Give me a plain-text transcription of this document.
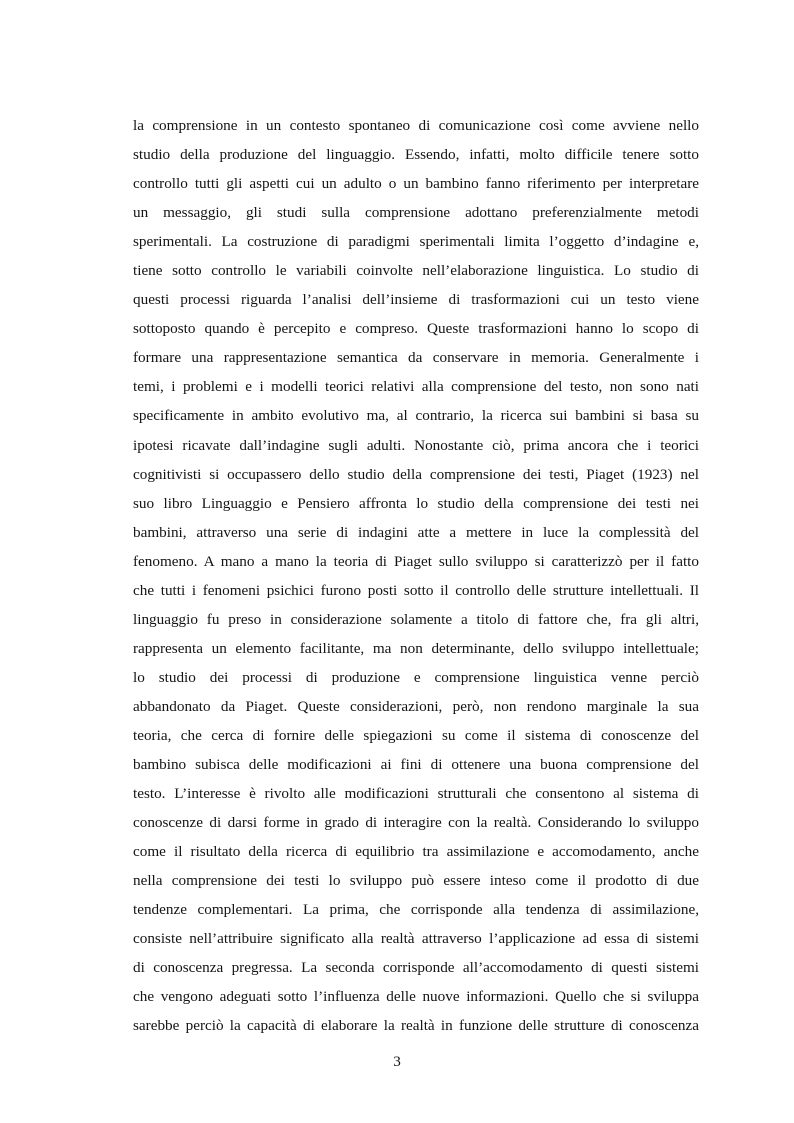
la comprensione in un contesto spontaneo di comunicazione così come avviene nello
studio della produzione del linguaggio. Essendo, infatti, molto difficile tenere sotto
controllo tutti gli aspetti cui un adulto o un bambino fanno riferimento per interpretare
un messaggio, gli studi sulla comprensione adottano preferenzialmente metodi
sperimentali. La costruzione di paradigmi sperimentali limita l’oggetto d’indagine e,
tiene sotto controllo le variabili coinvolte nell’elaborazione linguistica. Lo studio di
questi processi riguarda l’analisi dell’insieme di trasformazioni cui un testo viene
sottoposto quando è percepito e compreso. Queste trasformazioni hanno lo scopo di
formare una rappresentazione semantica da conservare in memoria. Generalmente i
temi, i problemi e i modelli teorici relativi alla comprensione del testo, non sono nati
specificamente in ambito evolutivo ma, al contrario, la ricerca sui bambini si basa su
ipotesi ricavate dall’indagine sugli adulti. Nonostante ciò, prima ancora che i teorici
cognitivisti si occupassero dello studio della comprensione dei testi, Piaget (1923) nel
suo libro Linguaggio e Pensiero affronta lo studio della comprensione dei testi nei
bambini, attraverso una serie di indagini atte a mettere in luce la complessità del
fenomeno. A mano a mano la teoria di Piaget sullo sviluppo si caratterizzò per il fatto
che tutti i fenomeni psichici furono posti sotto il controllo delle strutture intellettuali. Il
linguaggio fu preso in considerazione solamente a titolo di fattore che, fra gli altri,
rappresenta un elemento facilitante, ma non determinante, dello sviluppo intellettuale;
lo studio dei processi di produzione e comprensione linguistica venne perciò
abbandonato da Piaget. Queste considerazioni, però, non rendono marginale la sua
teoria, che cerca di fornire delle spiegazioni su come il sistema di conoscenze del
bambino subisca delle modificazioni ai fini di ottenere una buona comprensione del
testo. L’interesse è rivolto alle modificazioni strutturali che consentono al sistema di
conoscenze di darsi forme in grado di interagire con la realtà. Considerando lo sviluppo
come il risultato della ricerca di equilibrio tra assimilazione e accomodamento, anche
nella comprensione dei testi lo sviluppo può essere inteso come il prodotto di due
tendenze complementari. La prima, che corrisponde alla tendenza di assimilazione,
consiste nell’attribuire significato alla realtà attraverso l’applicazione ad essa di sistemi
di conoscenza pregressa. La seconda corrisponde all’accomodamento di questi sistemi
che vengono adeguati sotto l’influenza delle nuove informazioni. Quello che si sviluppa
sarebbe perciò la capacità di elaborare la realtà in funzione delle strutture di conoscenza
3
